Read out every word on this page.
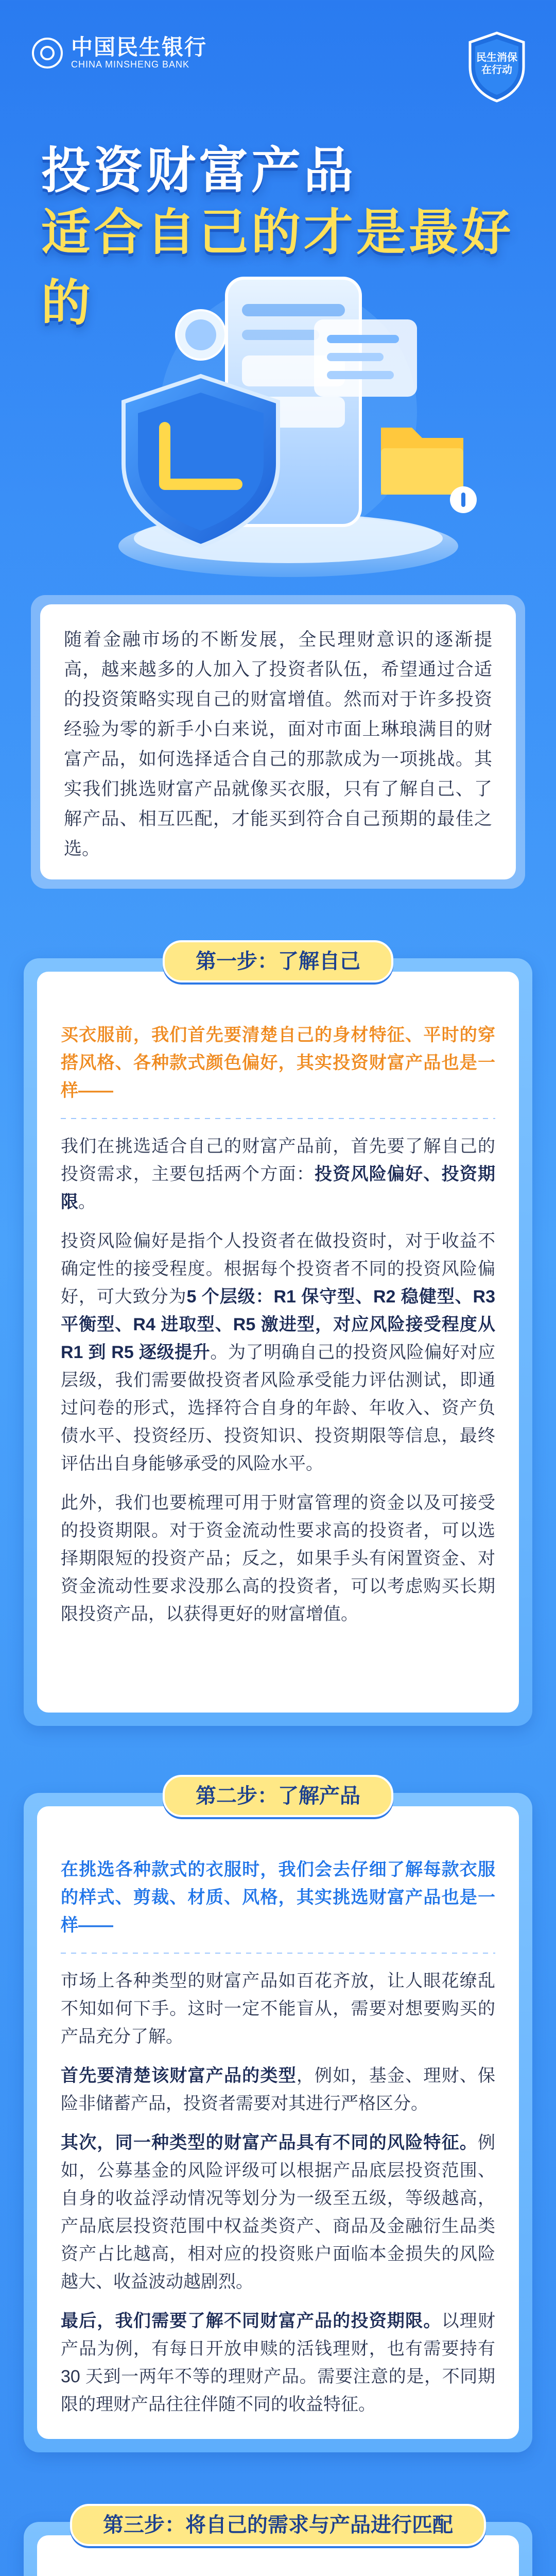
中国民生银行
CHINA MINSHENG BANK
民生消保
在行动
投资财富产品
适合自己的才是最好的
随着金融市场的不断发展，全民理财意识的逐渐提高，越来越多的人加入了投资者队伍，希望通过合适的投资策略实现自己的财富增值。然而对于许多投资经验为零的新手小白来说，面对市面上琳琅满目的财富产品，如何选择适合自己的那款成为一项挑战。其实我们挑选财富产品就像买衣服，只有了解自己、了解产品、相互匹配，才能买到符合自己预期的最佳之选。
买衣服前，我们首先要清楚自己的身材特征、平时的穿搭风格、各种款式颜色偏好，其实投资财富产品也是一样——

我们在挑选适合自己的财富产品前，首先要了解自己的投资需求，主要包括两个方面：投资风险偏好、投资期限。

投资风险偏好是指个人投资者在做投资时，对于收益不确定性的接受程度。根据每个投资者不同的投资风险偏好，可大致分为5 个层级：R1 保守型、R2 稳健型、R3 平衡型、R4 进取型、R5 激进型，对应风险接受程度从 R1 到 R5 逐级提升。为了明确自己的投资风险偏好对应层级，我们需要做投资者风险承受能力评估测试，即通过问卷的形式，选择符合自身的年龄、年收入、资产负债水平、投资经历、投资知识、投资期限等信息，最终评估出自身能够承受的风险水平。

此外，我们也要梳理可用于财富管理的资金以及可接受的投资期限。对于资金流动性要求高的投资者，可以选择期限短的投资产品；反之，如果手头有闲置资金、对资金流动性要求没那么高的投资者，可以考虑购买长期限投资产品，以获得更好的财富增值。

第一步：了解自己
在挑选各种款式的衣服时，我们会去仔细了解每款衣服的样式、剪裁、材质、风格，其实挑选财富产品也是一样——

市场上各种类型的财富产品如百花齐放，让人眼花缭乱不知如何下手。这时一定不能盲从，需要对想要购买的产品充分了解。

首先要清楚该财富产品的类型，例如，基金、理财、保险非储蓄产品，投资者需要对其进行严格区分。

其次，同一种类型的财富产品具有不同的风险特征。例如，公募基金的风险评级可以根据产品底层投资范围、自身的收益浮动情况等划分为一级至五级，等级越高，产品底层投资范围中权益类资产、商品及金融衍生品类资产占比越高，相对应的投资账户面临本金损失的风险越大、收益波动越剧烈。

最后，我们需要了解不同财富产品的投资期限。以理财产品为例，有每日开放申赎的活钱理财，也有需要持有 30 天到一两年不等的理财产品。需要注意的是，不同期限的理财产品往往伴随不同的收益特征。

第二步：了解产品

第三步：将自己的需求与产品进行匹配
